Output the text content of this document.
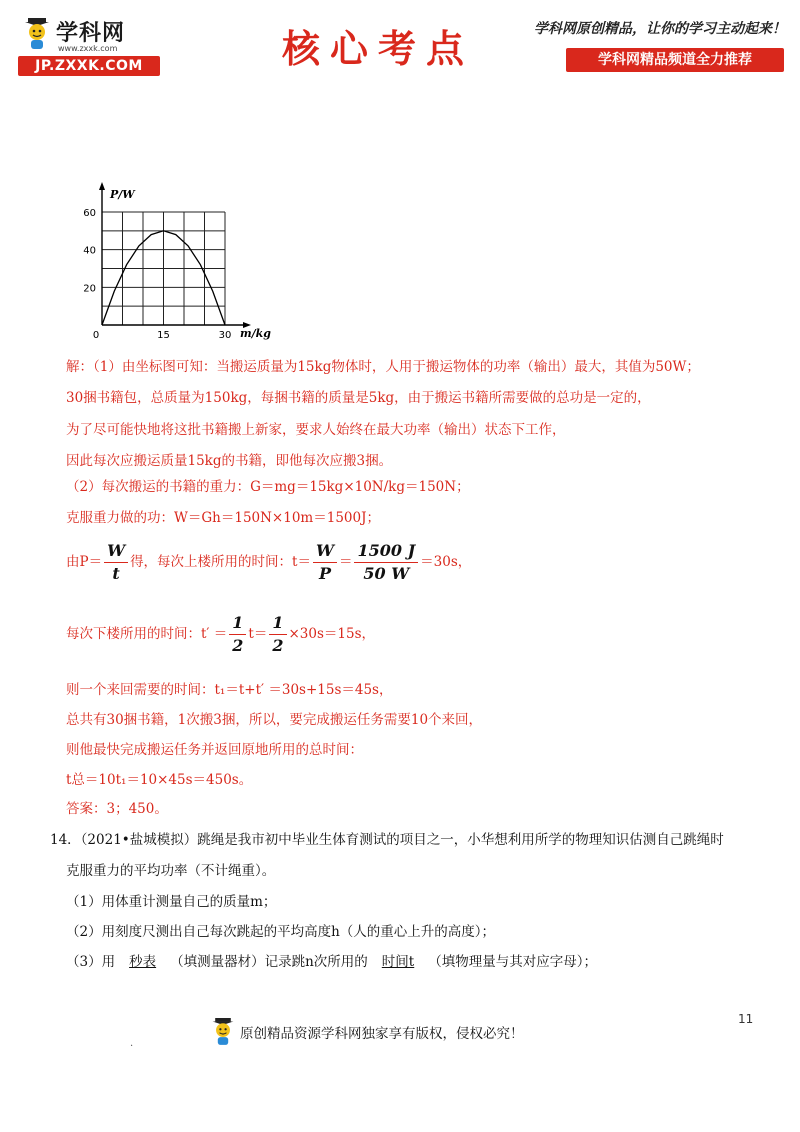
学科网
www.zxxk.com
JP.ZXXK.COM	核心考点	学科网原创精品，让你的学习主动起来！
学科网精品频道全力推荐
20
40
60
0	15	30
P/W
m/kg
解：（1）由坐标图可知：当搬运质量为15kg物体时，人用于搬运物体的功率（输出）最大，其值为50W；
30捆书籍包，总质量为150kg，每捆书籍的质量是5kg，由于搬运书籍所需要做的总功是一定的，
为了尽可能快地将这批书籍搬上新家，要求人始终在最大功率（输出）状态下工作，
因此每次应搬运质量15kg的书籍，即他每次应搬3捆。
（2）每次搬运的书籍的重力：G＝mg＝15kg×10N/kg＝150N；
克服重力做的功：W＝Gh＝150N×10m＝1500J；
由$P= \frac{W}{t}$ 得，每次上楼所用的时间：$t= \frac{W}{P} = \frac{1500 J}{50 W} =30s$，
每次下楼所用的时间：$t' = \frac{1}{2} t= \frac{1}{2} \times 30s=15s$，
则一个来回需要的时间：t₁＝t+t′ ＝30s+15s＝45s，
总共有30捆书籍，1次搬3捆，所以，要完成搬运任务需要10个来回，
则他最快完成搬运任务并返回原地所用的总时间：
t总＝10t₁＝10×45s＝450s。
答案：3；450。
14．（2021•盐城模拟）跳绳是我市初中毕业生体育测试的项目之一，小华想利用所学的物理知识估测自己跳绳时
克服重力的平均功率（不计绳重）。
（1）用体重计测量自己的质量m；
（2）用刻度尺测出自己每次跳起的平均高度h（人的重心上升的高度）；
（3）用 秒表 （填测量器材）记录跳n次所用的 时间t （填物理量与其对应字母）；
11
.
原创精品资源学科网独家享有版权，侵权必究！
